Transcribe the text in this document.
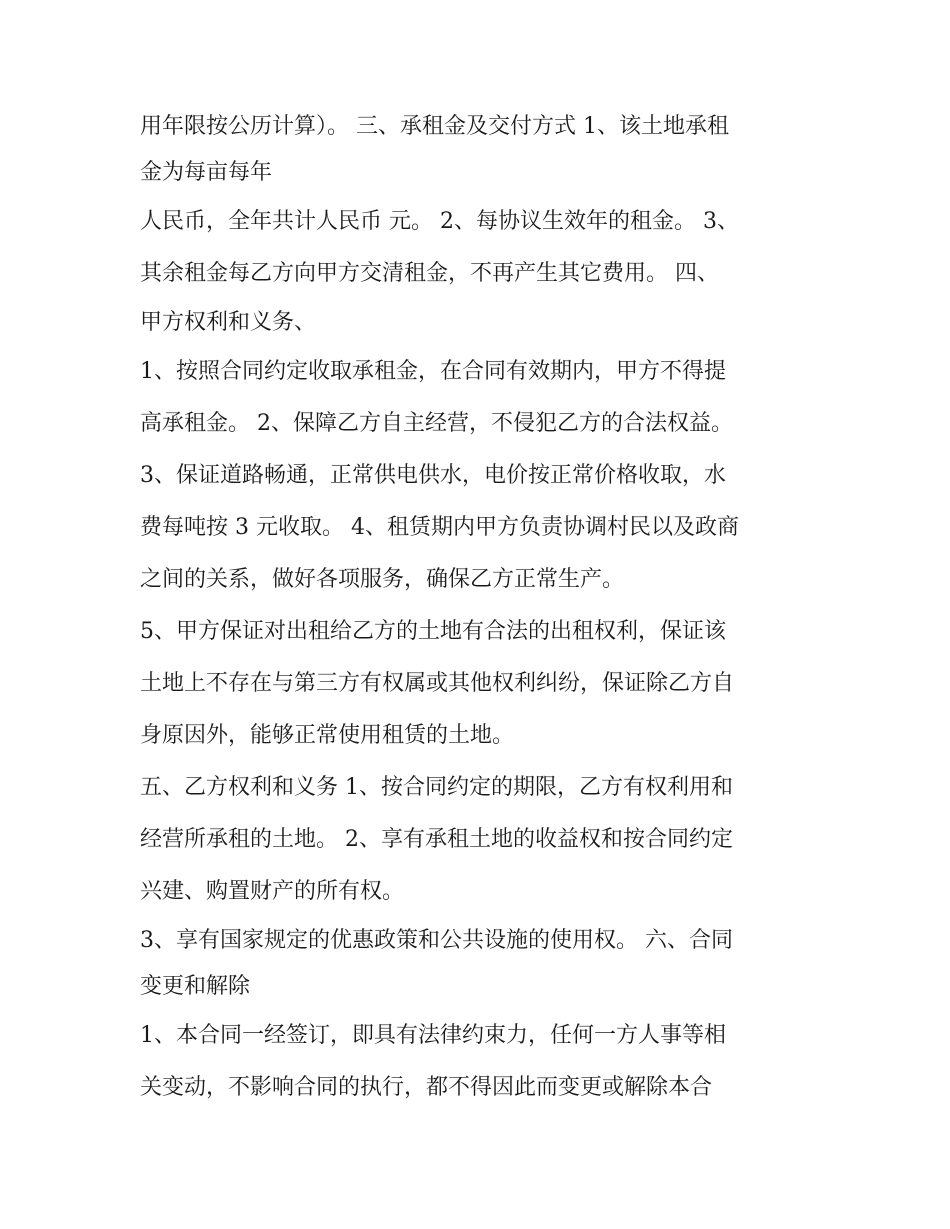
用年限按公历计算）。 三、承租金及交付方式 1、该土地承租
金为每亩每年
人民币，全年共计人民币 元。 2、每协议生效年的租金。 3、
其余租金每乙方向甲方交清租金，不再产生其它费用。 四、
甲方权利和义务、
1、按照合同约定收取承租金，在合同有效期内，甲方不得提
高承租金。 2、保障乙方自主经营，不侵犯乙方的合法权益。
3、保证道路畅通，正常供电供水，电价按正常价格收取，水
费每吨按 3 元收取。 4、租赁期内甲方负责协调村民以及政商
之间的关系，做好各项服务，确保乙方正常生产。
5、甲方保证对出租给乙方的土地有合法的出租权利，保证该
土地上不存在与第三方有权属或其他权利纠纷，保证除乙方自
身原因外，能够正常使用租赁的土地。
五、乙方权利和义务 1、按合同约定的期限，乙方有权利用和
经营所承租的土地。 2、享有承租土地的收益权和按合同约定
兴建、购置财产的所有权。
3、享有国家规定的优惠政策和公共设施的使用权。 六、合同
变更和解除
1、本合同一经签订，即具有法律约束力，任何一方人事等相
关变动，不影响合同的执行，都不得因此而变更或解除本合
